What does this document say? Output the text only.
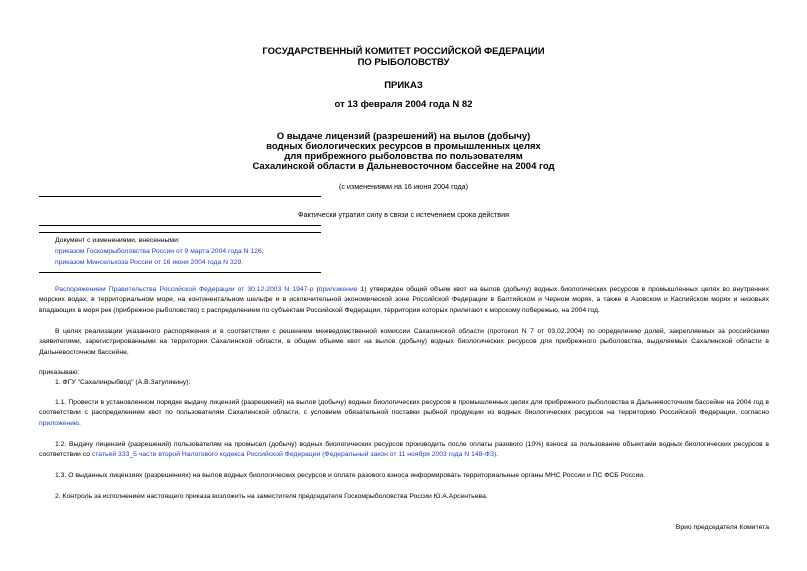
ГОСУДАРСТВЕННЫЙ КОМИТЕТ РОССИЙСКОЙ ФЕДЕРАЦИИ
ПО РЫБОЛОВСТВУ
ПРИКАЗ
от 13 февраля 2004 года N 82
О выдаче лицензий (разрешений) на вылов (добычу)
водных биологических ресурсов в промышленных целях
для прибрежного рыболовства по пользователям
Сахалинской области в Дальневосточном бассейне на 2004 год
(с изменениями на 16 июня 2004 года)
Фактически утратил силу в связи с истечением срока действия
Документ с изменениями, внесенными:
приказом Госкомрыболовства России от 9 марта 2004 года N 126;
приказом Минсельхоза России от 16 июня 2004 года N 329.
Распоряжением Правительства Российской Федерации от 30.12.2003 N 1947-р (приложение 1) утвержден общий объем квот на вылов (добычу) водных биологических ресурсов в промышленных целях во внутренних морских водах, в территориальном море, на континентальном шельфе и в исключительной экономической зоне Российской Федерации в Балтийском и Черном морях, а также в Азовском и Каспийском морях и низовьях впадающих в моря рек (прибрежное рыболовство) с распределением по субъектам Российской Федерации, территории которых прилегают к морскому побережью, на 2004 год.
В целях реализации указанного распоряжения и в соответствии с решением межведомственной комиссии Сахалинской области (протокол N 7 от 03.02.2004) по определению долей, закрепляемых за российскими заявителями, зарегистрированными на территории Сахалинской области, в общем объеме квот на вылов (добычу) водных биологических ресурсов для прибрежного рыболовства, выделяемых Сахалинской области в Дальневосточном бассейне,
приказываю:
1. ФГУ "Сахалинрыбвод" (А.В.Затулякину):
1.1. Провести в установленном порядке выдачу лицензий (разрешений) на вылов (добычу) водных биологических ресурсов в промышленных целях для прибрежного рыболовства в Дальневосточном бассейне на 2004 год в соответствии с распределением квот по пользователям Сахалинской области, с условием обязательной поставки рыбной продукции из водных биологических ресурсов на территорию Российской Федерации, согласно приложению.
1.2. Выдачу лицензий (разрешений) пользователям на промысел (добычу) водных биологических ресурсов производить после оплаты разового (10%) взноса за пользование объектами водных биологических ресурсов в соответствии со статьей 333_5 части второй Налогового кодекса Российской Федерации (Федеральный закон от 11 ноября 2003 года N 148-ФЗ).
1.3. О выданных лицензиях (разрешениях) на вылов водных биологических ресурсов и оплате разового взноса информировать территориальные органы МНС России и ПС ФСБ России.
2. Контроль за исполнением настоящего приказа возложить на заместителя председателя Госкомрыболовства России Ю.А.Арсентьева.
Врио председателя Комитета
